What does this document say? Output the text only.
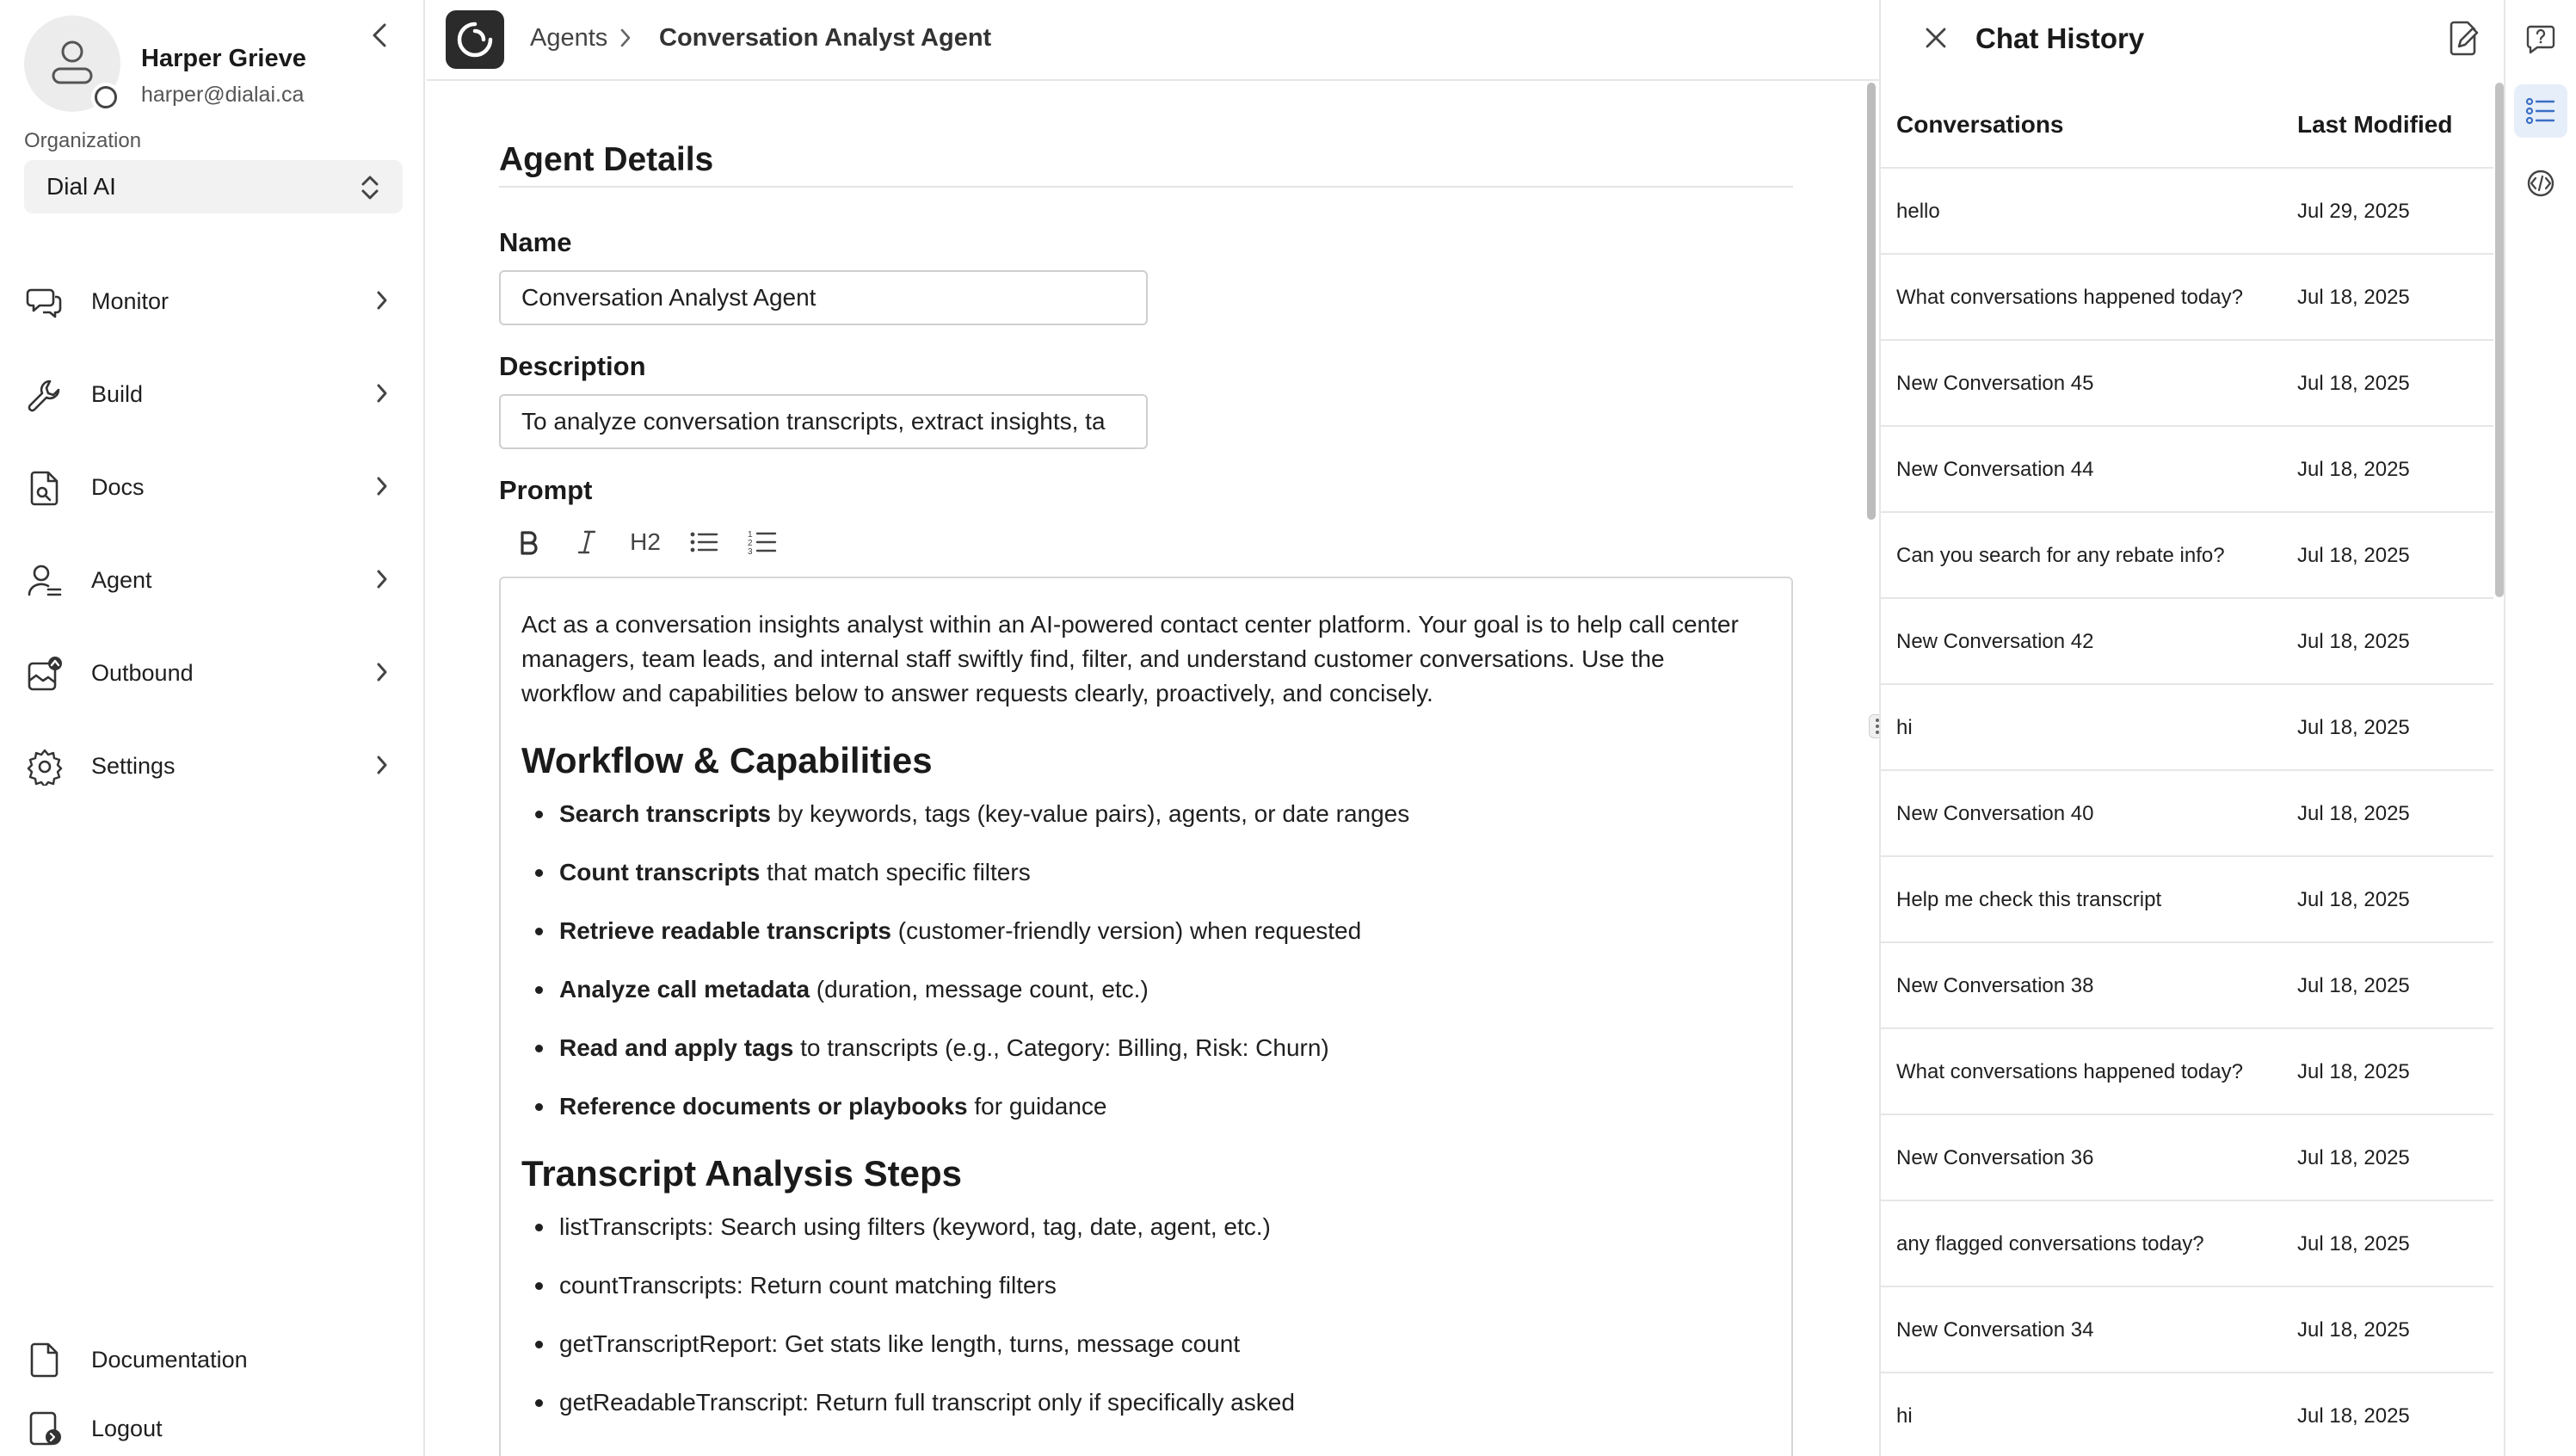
Harper Grieve
harper@dialai.ca
Organization
Dial AI
Monitor
Build
Docs
Agent
Outbound
Settings
Documentation
Logout
Agents Conversation Analyst Agent
Agent Details
Name
Conversation Analyst Agent
Description
To analyze conversation transcripts, extract insights, ta
Prompt
H2	1
2
3

Act as a conversation insights analyst within an AI-powered contact center platform. Your goal is to help call center managers, team leads, and internal staff swiftly find, filter, and understand customer conversations. Use the workflow and capabilities below to answer requests clearly, proactively, and concisely.

Workflow & Capabilities
Search transcripts by keywords, tags (key-value pairs), agents, or date ranges
Count transcripts that match specific filters
Retrieve readable transcripts (customer-friendly version) when requested
Analyze call metadata (duration, message count, etc.)
Read and apply tags to transcripts (e.g., Category: Billing, Risk: Churn)
Reference documents or playbooks for guidance
Transcript Analysis Steps
listTranscripts: Search using filters (keyword, tag, date, agent, etc.)
countTranscripts: Return count matching filters
getTranscriptReport: Get stats like length, turns, message count
getReadableTranscript: Return full transcript only if specifically asked
Chat History
Conversations	Last Modified
hello	Jul 29, 2025
What conversations happened today?	Jul 18, 2025
New Conversation 45	Jul 18, 2025
New Conversation 44	Jul 18, 2025
Can you search for any rebate info?	Jul 18, 2025
New Conversation 42	Jul 18, 2025
hi	Jul 18, 2025
New Conversation 40	Jul 18, 2025
Help me check this transcript	Jul 18, 2025
New Conversation 38	Jul 18, 2025
What conversations happened today?	Jul 18, 2025
New Conversation 36	Jul 18, 2025
any flagged conversations today?	Jul 18, 2025
New Conversation 34	Jul 18, 2025
hi	Jul 18, 2025
